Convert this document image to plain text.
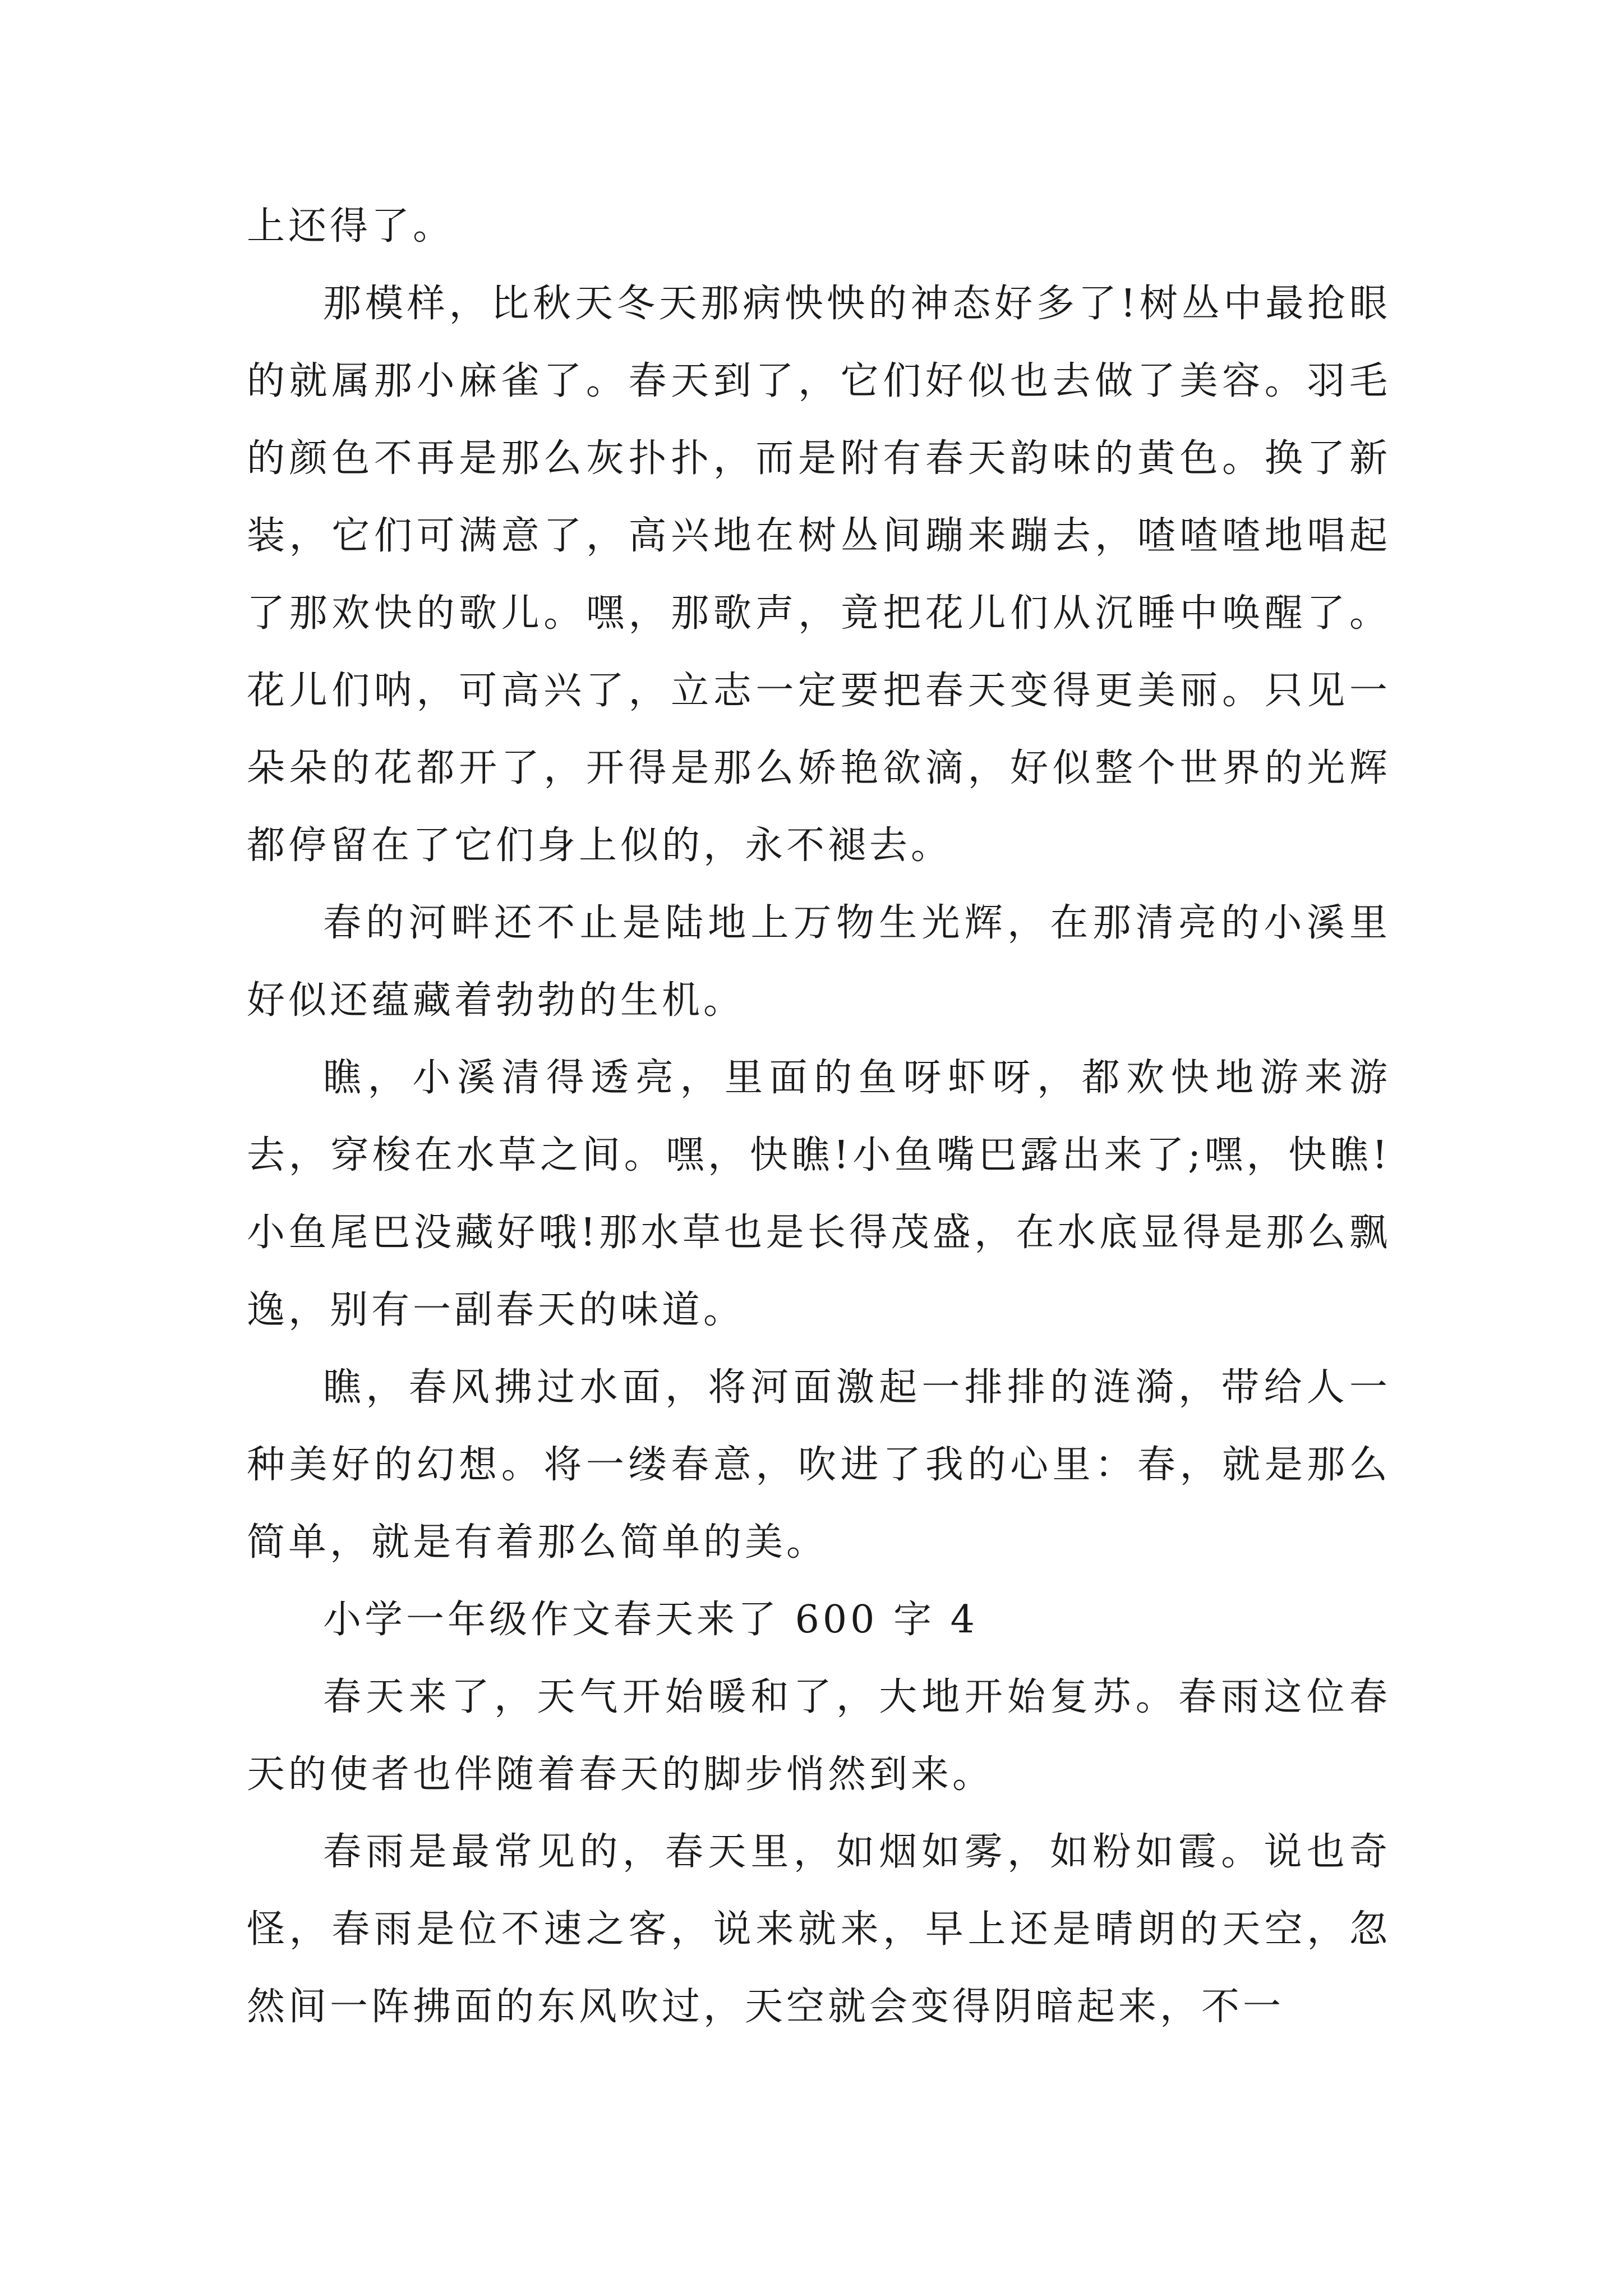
上还得了。

那模样，比秋天冬天那病怏怏的神态好多了!树丛中最抢眼的就属那小麻雀了。春天到了，它们好似也去做了美容。羽毛的颜色不再是那么灰扑扑，而是附有春天韵味的黄色。换了新装，它们可满意了，高兴地在树丛间蹦来蹦去，喳喳喳地唱起了那欢快的歌儿。嘿，那歌声，竟把花儿们从沉睡中唤醒了。花儿们呐，可高兴了，立志一定要把春天变得更美丽。只见一朵朵的花都开了，开得是那么娇艳欲滴，好似整个世界的光辉都停留在了它们身上似的，永不褪去。

春的河畔还不止是陆地上万物生光辉，在那清亮的小溪里好似还蕴藏着勃勃的生机。

瞧，小溪清得透亮，里面的鱼呀虾呀，都欢快地游来游去，穿梭在水草之间。嘿，快瞧!小鱼嘴巴露出来了;嘿，快瞧!小鱼尾巴没藏好哦!那水草也是长得茂盛，在水底显得是那么飘逸，别有一副春天的味道。

瞧，春风拂过水面，将河面激起一排排的涟漪，带给人一种美好的幻想。将一缕春意，吹进了我的心里：春，就是那么简单，就是有着那么简单的美。

小学一年级作文春天来了 600 字 4

春天来了，天气开始暖和了，大地开始复苏。春雨这位春天的使者也伴随着春天的脚步悄然到来。

春雨是最常见的，春天里，如烟如雾，如粉如霞。说也奇怪，春雨是位不速之客，说来就来，早上还是晴朗的天空，忽然间一阵拂面的东风吹过，天空就会变得阴暗起来，不一
